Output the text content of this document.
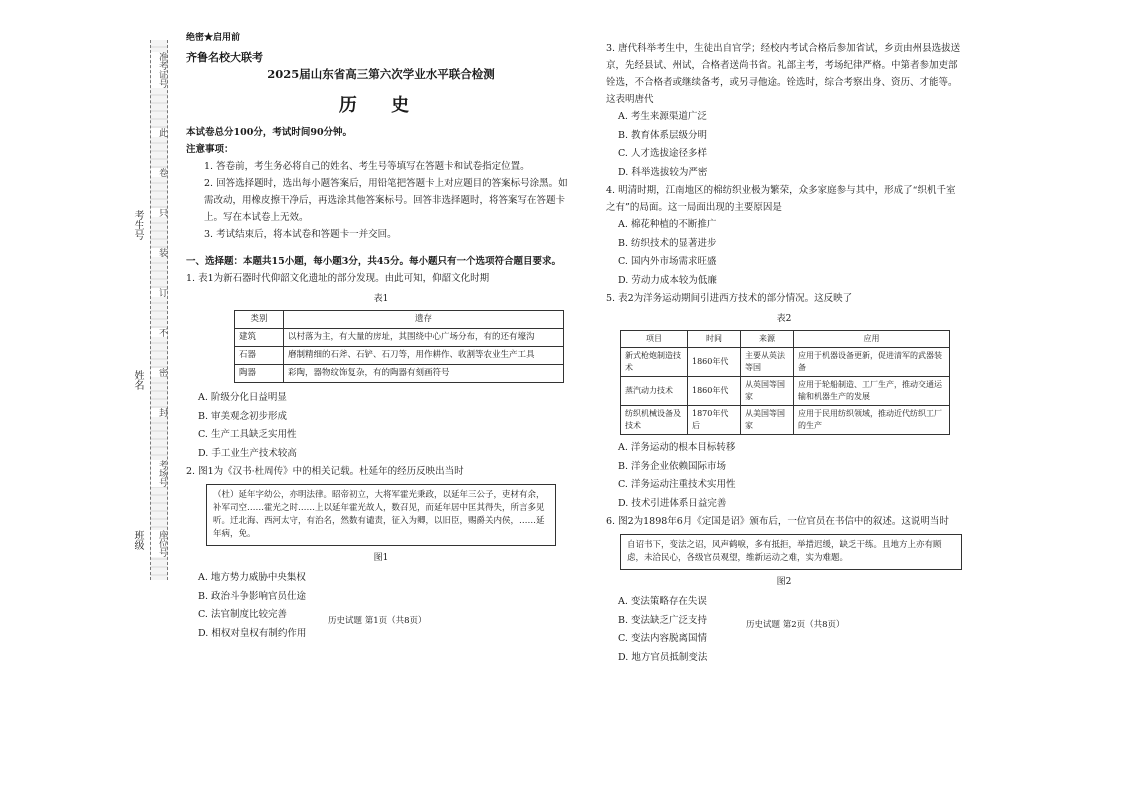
准考证号
此
卷
只
装
订
不
密
封
考场号
座位号
考生号
姓名
班级
绝密★启用前
齐鲁名校大联考
2025届山东省高三第六次学业水平联合检测
历 史

本试卷总分100分，考试时间90分钟。

注意事项：

1. 答卷前，考生务必将自己的姓名、考生号等填写在答题卡和试卷指定位置。

2. 回答选择题时，选出每小题答案后，用铅笔把答题卡上对应题目的答案标号涂黑。如需改动，用橡皮擦干净后，再选涂其他答案标号。回答非选择题时，将答案写在答题卡上。写在本试卷上无效。

3. 考试结束后，将本试卷和答题卡一并交回。

一、选择题：本题共15小题，每小题3分，共45分。每小题只有一个选项符合题目要求。

1. 表1为新石器时代仰韶文化遗址的部分发现。由此可知，仰韶文化时期

表1
类别	遗存
建筑	以村落为主，有大量的房址，其围绕中心广场分布，有的还有壕沟
石器	磨制精细的石斧、石铲、石刀等，用作耕作、收割等农业生产工具
陶器	彩陶，器物纹饰复杂，有的陶器有刻画符号

A. 阶级分化日益明显

B. 审美观念初步形成

C. 生产工具缺乏实用性

D. 手工业生产技术较高

2. 图1为《汉书·杜周传》中的相关记载。杜延年的经历反映出当时

（杜）延年字幼公，亦明法律。昭帝初立，大将军霍光秉政，以延年三公子，吏材有余，补军司空……霍光之时……上以延年霍光故人，数召见，而延年居中匡其得失，所言多见听。迁北海、西河太守，有治名，然数有谴责，征入为卿，以旧臣，赐爵关内侯，……延年病，免。
图1

A. 地方势力威胁中央集权

B. 政治斗争影响官员仕途

C. 法官制度比较完善

D. 相权对皇权有制约作用

历史试题 第1页（共8页）

3. 唐代科举考生中，生徒出自官学；经校内考试合格后参加省试，乡贡由州县选拔送京，先经县试、州试，合格者送尚书省。礼部主考，考场纪律严格。中第者参加吏部铨选，不合格者或继续备考，或另寻他途。铨选时，综合考察出身、资历、才能等。这表明唐代

A. 考生来源渠道广泛

B. 教育体系层级分明

C. 人才选拔途径多样

D. 科举选拔较为严密

4. 明清时期，江南地区的棉纺织业极为繁荣，众多家庭参与其中，形成了“织机千室之有”的局面。这一局面出现的主要原因是

A. 棉花种植的不断推广

B. 纺织技术的显著进步

C. 国内外市场需求旺盛

D. 劳动力成本较为低廉

5. 表2为洋务运动期间引进西方技术的部分情况。这反映了

表2
项目	时间	来源	应用
新式枪炮制造技术	1860年代	主要从英法等国	应用于机器设备更新，促进清军的武器装备
蒸汽动力技术	1860年代	从英国等国家	应用于轮船制造、工厂生产，推动交通运输和机器生产的发展
纺织机械设备及技术	1870年代后	从美国等国家	应用于民用纺织领域，推动近代纺织工厂的生产

A. 洋务运动的根本目标转移

B. 洋务企业依赖国际市场

C. 洋务运动注重技术实用性

D. 技术引进体系日益完善

6. 图2为1898年6月《定国是诏》颁布后，一位官员在书信中的叙述。这说明当时

自诏书下，变法之诏，风声鹤唳，多有抵拒，举措迟缓，缺乏干练。且地方上亦有顾虑，未洽民心，各级官员观望，维新运动之难，实为难题。
图2

A. 变法策略存在失误

B. 变法缺乏广泛支持

C. 变法内容脱离国情

D. 地方官员抵制变法

历史试题 第2页（共8页）
